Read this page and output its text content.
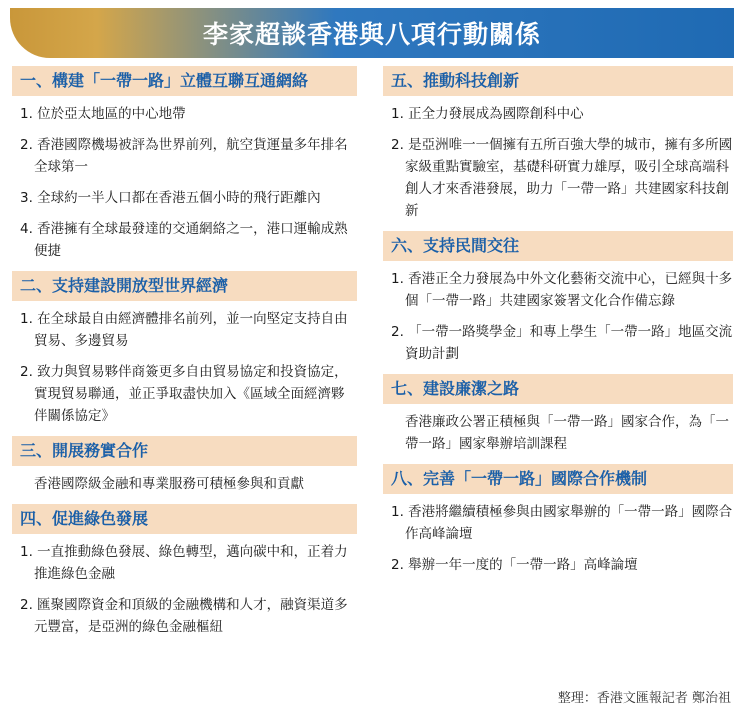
李家超談香港與八項行動關係
一、構建「一帶一路」立體互聯互通網絡
1. 位於亞太地區的中心地帶
2. 香港國際機場被評為世界前列，航空貨運量多年排名全球第一
3. 全球約一半人口都在香港五個小時的飛行距離內
4. 香港擁有全球最發達的交通網絡之一，港口運輸成熟便捷
二、支持建設開放型世界經濟
1. 在全球最自由經濟體排名前列，並一向堅定支持自由貿易、多邊貿易
2. 致力與貿易夥伴商簽更多自由貿易協定和投資協定，實現貿易聯通，並正爭取盡快加入《區域全面經濟夥伴關係協定》
三、開展務實合作
香港國際級金融和專業服務可積極參與和貢獻
四、促進綠色發展
1. 一直推動綠色發展、綠色轉型，邁向碳中和，正着力推進綠色金融
2. 匯聚國際資金和頂級的金融機構和人才，融資渠道多元豐富，是亞洲的綠色金融樞紐
五、推動科技創新
1. 正全力發展成為國際創科中心
2. 是亞洲唯一一個擁有五所百強大學的城市，擁有多所國家級重點實驗室，基礎科研實力雄厚，吸引全球高端科創人才來香港發展，助力「一帶一路」共建國家科技創新
六、支持民間交往
1. 香港正全力發展為中外文化藝術交流中心，已經與十多個「一帶一路」共建國家簽署文化合作備忘錄
2. 「一帶一路獎學金」和專上學生「一帶一路」地區交流資助計劃
七、建設廉潔之路
香港廉政公署正積極與「一帶一路」國家合作，為「一帶一路」國家舉辦培訓課程
八、完善「一帶一路」國際合作機制
1. 香港將繼續積極參與由國家舉辦的「一帶一路」國際合作高峰論壇
2. 舉辦一年一度的「一帶一路」高峰論壇
整理：香港文匯報記者 鄭治祖
